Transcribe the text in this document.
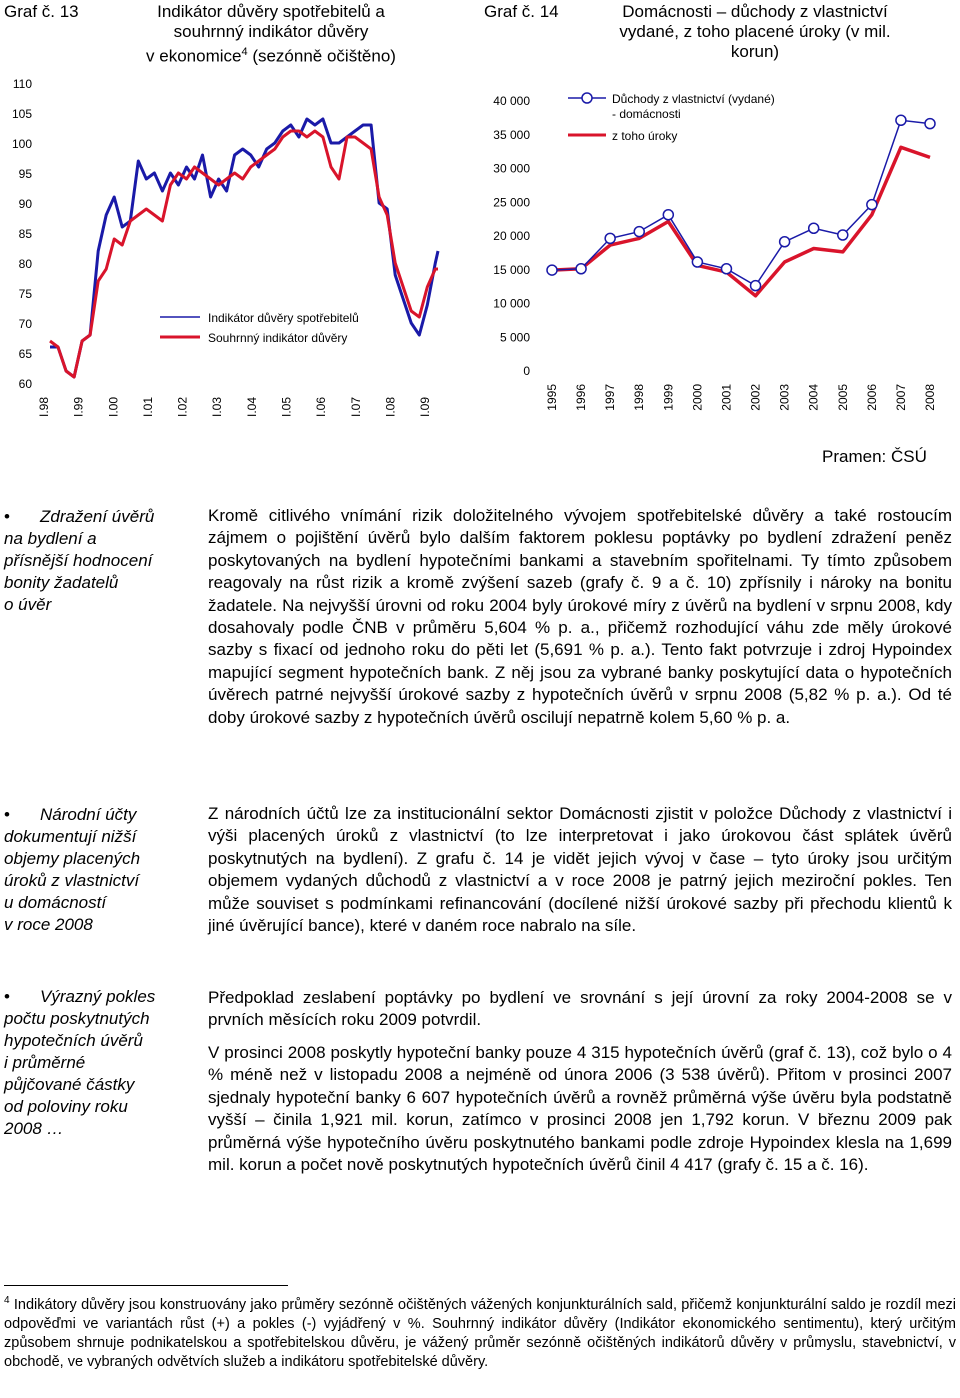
Graf č. 13	Indikátor důvěry spotřebitelů a
souhrnný indikátor důvěry
v ekonomice$^4$ (sezónně očištěno)
Graf č. 14	Domácnosti – důchody z vlastnictví
vydané, z toho placené úroky (v mil.
korun)
110
105
100
95
90
85
80
75
70
65
60
I.98 I.99 I.00 I.01 I.02 I.03 I.04 I.05 I.06 I.07 I.08 I.09
Indikátor důvěry spotřebitelů
Souhrnný indikátor důvěry
40 000
35 000
30 000
25 000
20 000
15 000
10 000
5 000
0
1995 1996 1997 1998 1999 2000 2001 2002 2003 2004 2005 2006 2007 2008
Důchody z vlastnictví (vydané)
- domácnosti
z toho úroky
Pramen: ČSÚ
• Zdražení úvěrů
na bydlení a
přísnější hodnocení
bonity žadatelů
o úvěr
• Národní účty
dokumentují nižší
objemy placených
úroků z vlastnictví
u domácností
v roce 2008
• Výrazný pokles
počtu poskytnutých
hypotečních úvěrů
i průměrné
půjčované částky
od poloviny roku
2008 …

Kromě citlivého vnímání rizik doložitelného vývojem spotřebitelské důvěry a také rostoucím zájmem o pojištění úvěrů bylo dalším faktorem poklesu poptávky po bydlení zdražení peněz poskytovaných na bydlení hypotečními bankami a stavebním spořitelnami. Ty tímto způsobem reagovaly na růst rizik a kromě zvýšení sazeb (grafy č. 9 a č. 10) zpřísnily i nároky na bonitu žadatele. Na nejvyšší úrovni od roku 2004 byly úrokové míry z úvěrů na bydlení v srpnu 2008, kdy dosahovaly podle ČNB v průměru 5,604 % p. a., přičemž rozhodující váhu zde měly úrokové sazby s fixací od jednoho roku do pěti let (5,691 % p. a.). Tento fakt potvrzuje i zdroj Hypoindex mapující segment hypotečních bank. Z něj jsou za vybrané banky poskytující data o hypotečních úvěrech patrné nejvyšší úrokové sazby z hypotečních úvěrů v srpnu 2008 (5,82 % p. a.). Od té doby úrokové sazby z hypotečních úvěrů oscilují nepatrně kolem 5,60 % p. a.

Z národních účtů lze za institucionální sektor Domácnosti zjistit v položce Důchody z vlastnictví i výši placených úroků z vlastnictví (to lze interpretovat i jako úrokovou část splátek úvěrů poskytnutých na bydlení). Z grafu č. 14 je vidět jejich vývoj v čase – tyto úroky jsou určitým objemem vydaných důchodů z vlastnictví a v roce 2008 je patrný jejich meziroční pokles. Ten může souviset s podmínkami refinancování (docílené nižší úrokové sazby při přechodu klientů k jiné úvěrující bance), které v daném roce nabralo na síle.

Předpoklad zeslabení poptávky po bydlení ve srovnání s její úrovní za roky 2004-2008 se v prvních měsících roku 2009 potvrdil.

V prosinci 2008 poskytly hypoteční banky pouze 4 315 hypotečních úvěrů (graf č. 13), což bylo o 4 % méně než v listopadu 2008 a nejméně od února 2006 (3 538 úvěrů). Přitom v prosinci 2007 sjednaly hypoteční banky 6 607 hypotečních úvěrů a rovněž průměrná výše úvěru byla podstatně vyšší – činila 1,921 mil. korun, zatímco v prosinci 2008 jen 1,792 korun. V březnu 2009 pak průměrná výše hypotečního úvěru poskytnutého bankami podle zdroje Hypoindex klesla na 1,699 mil. korun a počet nově poskytnutých hypotečních úvěrů činil 4 417 (grafy č. 15 a č. 16).

$^4$ Indikátory důvěry jsou konstruovány jako průměry sezónně očištěných vážených konjunkturálních sald, přičemž konjunkturální saldo je rozdíl mezi odpověďmi ve variantách růst (+) a pokles (-) vyjádřený v %. Souhrnný indikátor důvěry (Indikátor ekonomického sentimentu), který určitým způsobem shrnuje podnikatelskou a spotřebitelskou důvěru, je vážený průměr sezónně očištěných indikátorů důvěry v průmyslu, stavebnictví, v obchodě, ve vybraných odvětvích služeb a indikátoru spotřebitelské důvěry.
